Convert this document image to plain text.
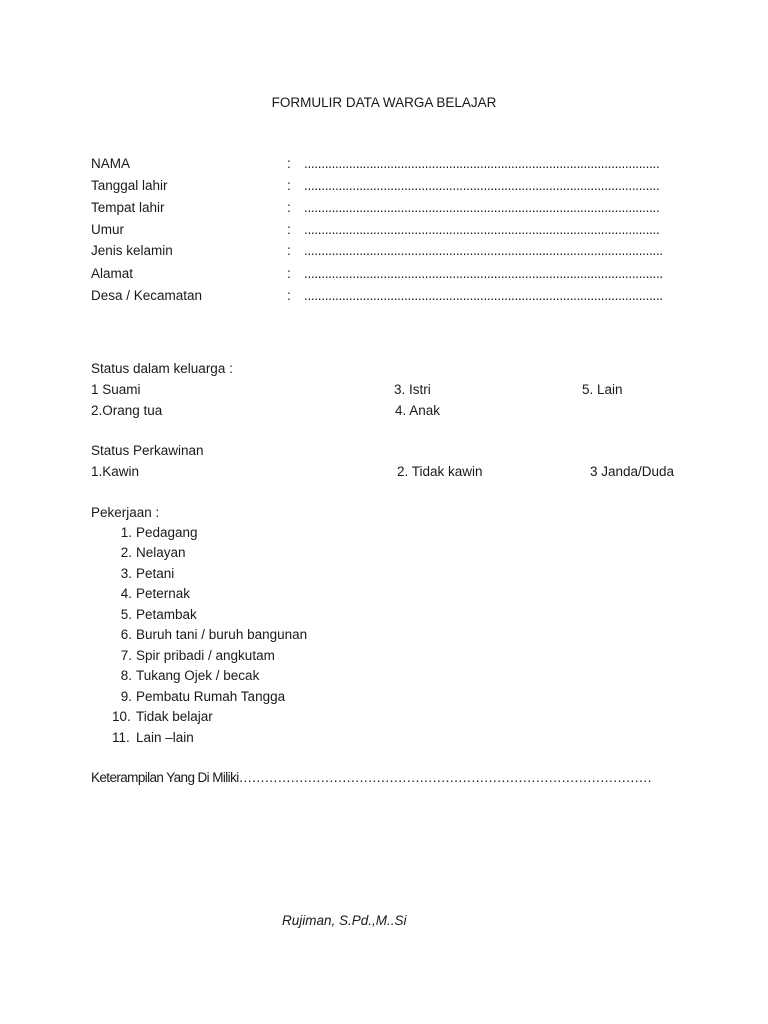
FORMULIR DATA WARGA BELAJAR
NAMA	: .......................................................................................................
Tanggal lahir	: .......................................................................................................
Tempat lahir	: .......................................................................................................
Umur	: .......................................................................................................
Jenis kelamin	: ........................................................................................................
Alamat	: ........................................................................................................
Desa / Kecamatan	: ........................................................................................................
Status dalam keluarga :
1 Suami	3. Istri	5. Lain
2.Orang tua	4. Anak
Status Perkawinan
1.Kawin	2. Tidak kawin	3 Janda/Duda
Pekerjaan :
1. Pedagang
2. Nelayan
3. Petani
4. Peternak
5. Petambak
6. Buruh tani / buruh bangunan
7. Spir pribadi / angkutam
8. Tukang Ojek / becak
9. Pembatu Rumah Tangga
10. Tidak belajar
11. Lain –lain
Keterampilan Yang Di Miliki……………………………………………………………………………………
Rujiman, S.Pd.,M..Si
